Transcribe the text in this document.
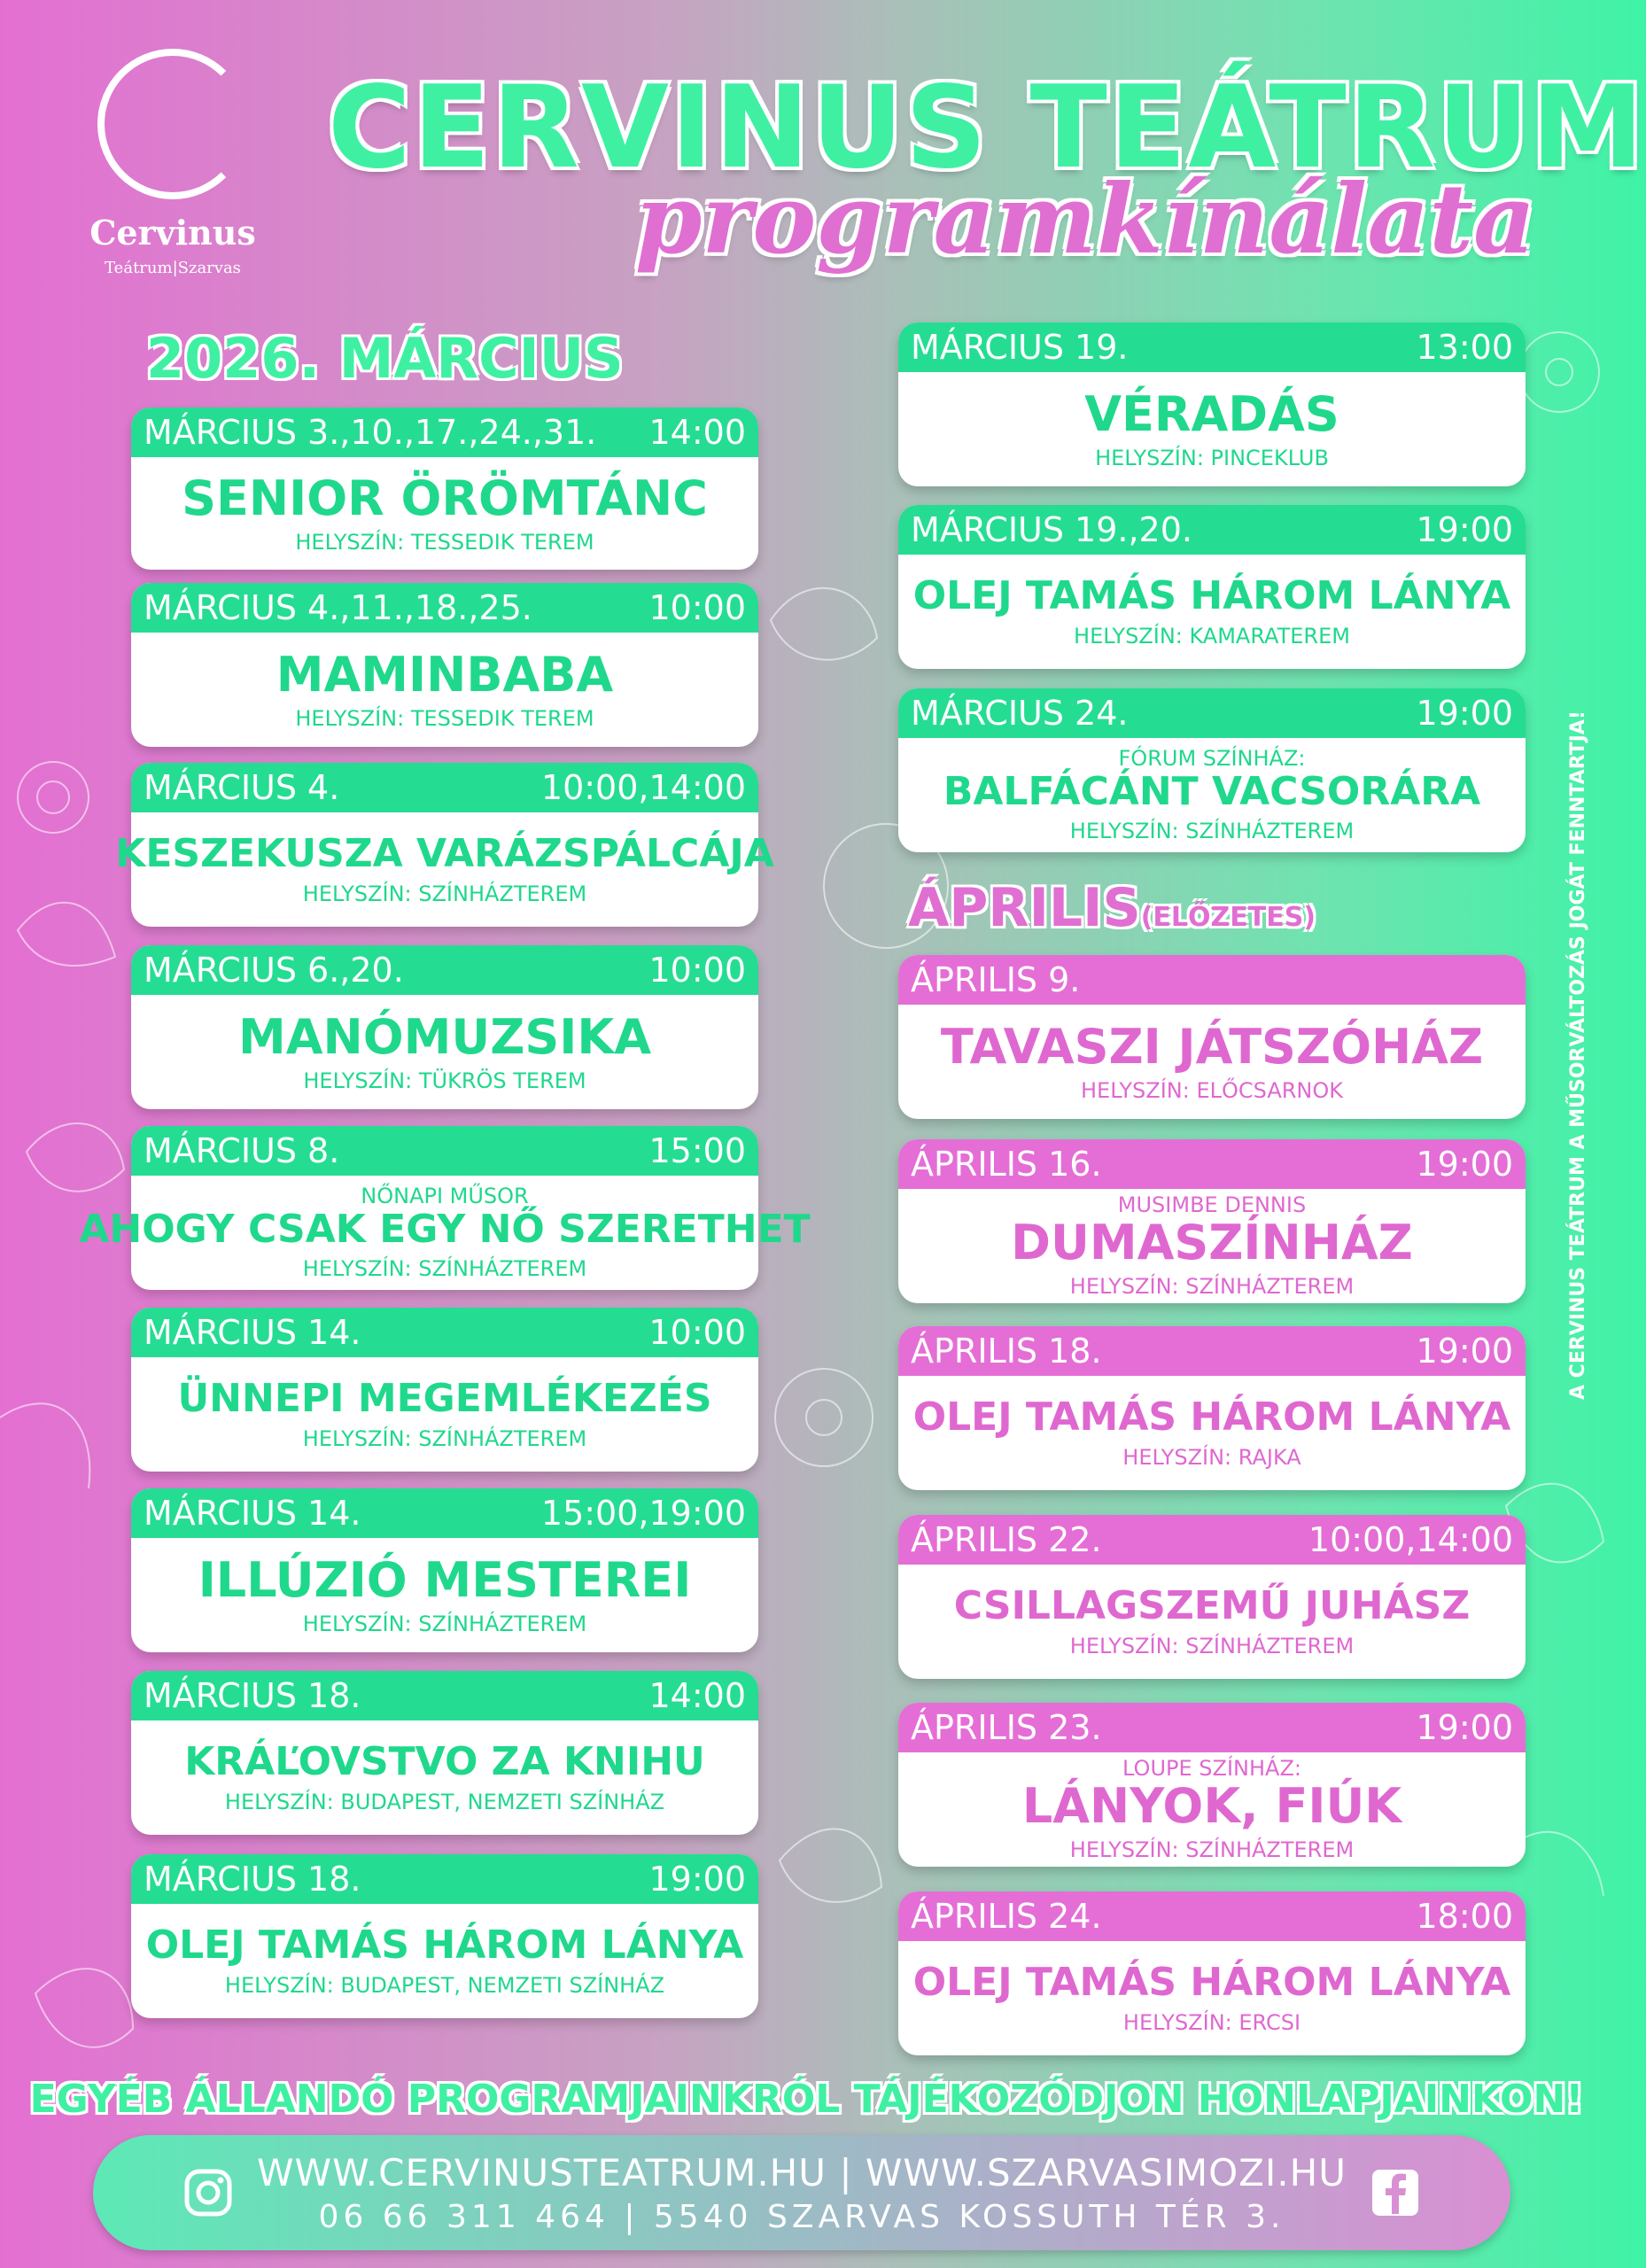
Cervinus
Teátrum|Szarvas
CERVINUS TEÁTRUM
programkínálata
2026. MÁRCIUS
ÁPRILIS(ELŐZETES)
MÁRCIUS 3.,10.,17.,24.,31. 14:00
SENIOR ÖRÖMTÁNC
HELYSZÍN: TESSEDIK TEREM
MÁRCIUS 4.,11.,18.,25.	10:00
MAMINBABA
HELYSZÍN: TESSEDIK TEREM
MÁRCIUS 4.	10:00,14:00
KESZEKUSZA VARÁZSPÁLCÁJA
HELYSZÍN: SZÍNHÁZTEREM
MÁRCIUS 6.,20.	10:00
MANÓMUZSIKA
HELYSZÍN: TÜKRÖS TEREM
MÁRCIUS 8.	15:00
NŐNAPI MŰSOR
AHOGY CSAK EGY NŐ SZERETHET
HELYSZÍN: SZÍNHÁZTEREM
MÁRCIUS 14.	10:00
ÜNNEPI MEGEMLÉKEZÉS
HELYSZÍN: SZÍNHÁZTEREM
MÁRCIUS 14.	15:00,19:00
ILLÚZIÓ MESTEREI
HELYSZÍN: SZÍNHÁZTEREM
MÁRCIUS 18.	14:00
KRÁĽOVSTVO ZA KNIHU
HELYSZÍN: BUDAPEST, NEMZETI SZÍNHÁZ
MÁRCIUS 18.	19:00
OLEJ TAMÁS HÁROM LÁNYA
HELYSZÍN: BUDAPEST, NEMZETI SZÍNHÁZ
MÁRCIUS 19.	13:00
VÉRADÁS
HELYSZÍN: PINCEKLUB
MÁRCIUS 19.,20.	19:00
OLEJ TAMÁS HÁROM LÁNYA
HELYSZÍN: KAMARATEREM
MÁRCIUS 24.	19:00
FÓRUM SZÍNHÁZ:
BALFÁCÁNT VACSORÁRA
HELYSZÍN: SZÍNHÁZTEREM
ÁPRILIS 9.
TAVASZI JÁTSZÓHÁZ
HELYSZÍN: ELŐCSARNOK
ÁPRILIS 16.	19:00
MUSIMBE DENNIS
DUMASZÍNHÁZ
HELYSZÍN: SZÍNHÁZTEREM
ÁPRILIS 18.	19:00
OLEJ TAMÁS HÁROM LÁNYA
HELYSZÍN: RAJKA
ÁPRILIS 22.	10:00,14:00
CSILLAGSZEMŰ JUHÁSZ
HELYSZÍN: SZÍNHÁZTEREM
ÁPRILIS 23.	19:00
LOUPE SZÍNHÁZ:
LÁNYOK, FIÚK
HELYSZÍN: SZÍNHÁZTEREM
ÁPRILIS 24.	18:00
OLEJ TAMÁS HÁROM LÁNYA
HELYSZÍN: ERCSI
A CERVINUS TEÁTRUM A MŰSORVÁLTOZÁS JOGÁT FENNTARTJA!
EGYÉB ÁLLANDÓ PROGRAMJAINKRÓL TÁJÉKOZÓDJON HONLAPJAINKON!
WWW.CERVINUSTEATRUM.HU | WWW.SZARVASIMOZI.HU
06 66 311 464 | 5540 SZARVAS KOSSUTH TÉR 3.
